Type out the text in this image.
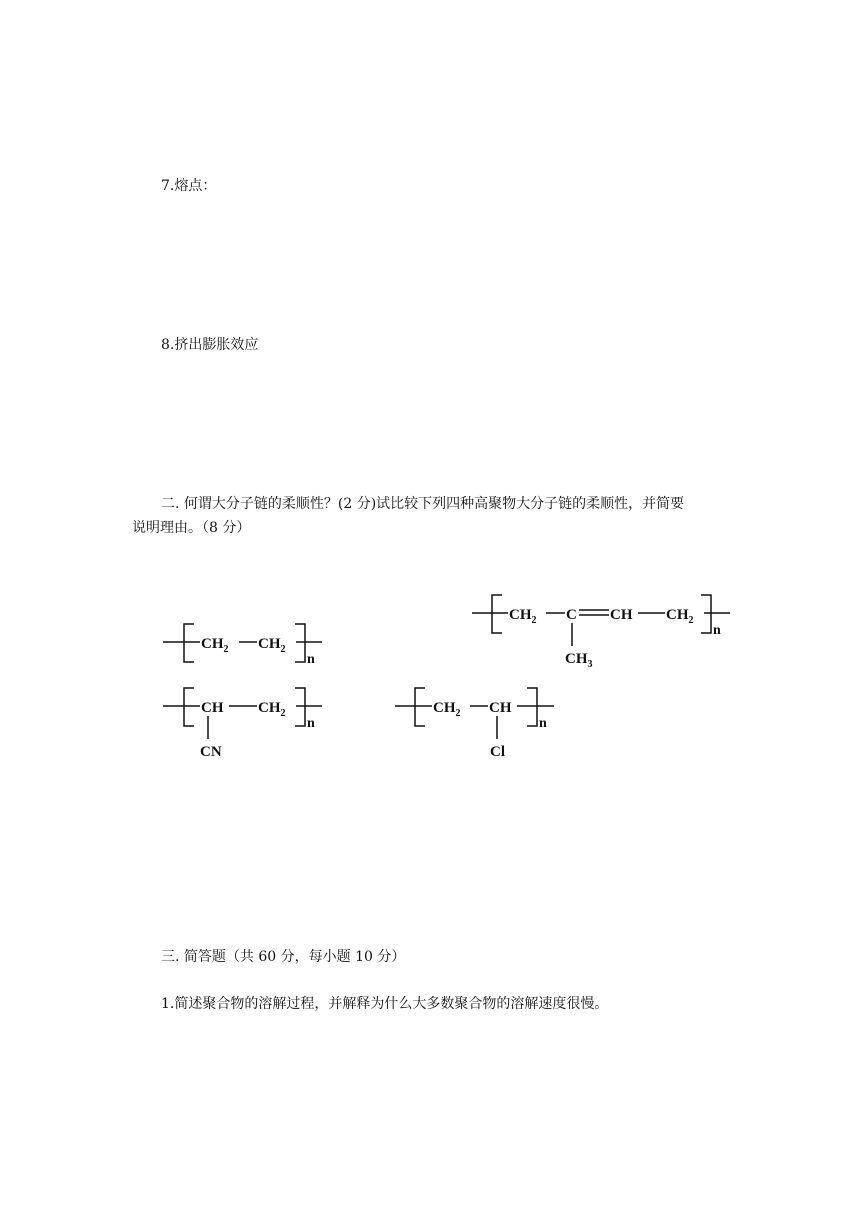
7.熔点：
8.挤出膨胀效应
二. 何谓大分子链的柔顺性？(2 分)试比较下列四种高聚物大分子链的柔顺性，并简要
说明理由。（8 分）
$CH_2$ $CH_2$
n
$CH_2$ C CH $CH_2$
n
$CH_3$
CH $CH_2$
n
CN
$CH_2$ CH
n
Cl
三. 简答题（共 60 分，每小题 10 分）
1.简述聚合物的溶解过程，并解释为什么大多数聚合物的溶解速度很慢。
